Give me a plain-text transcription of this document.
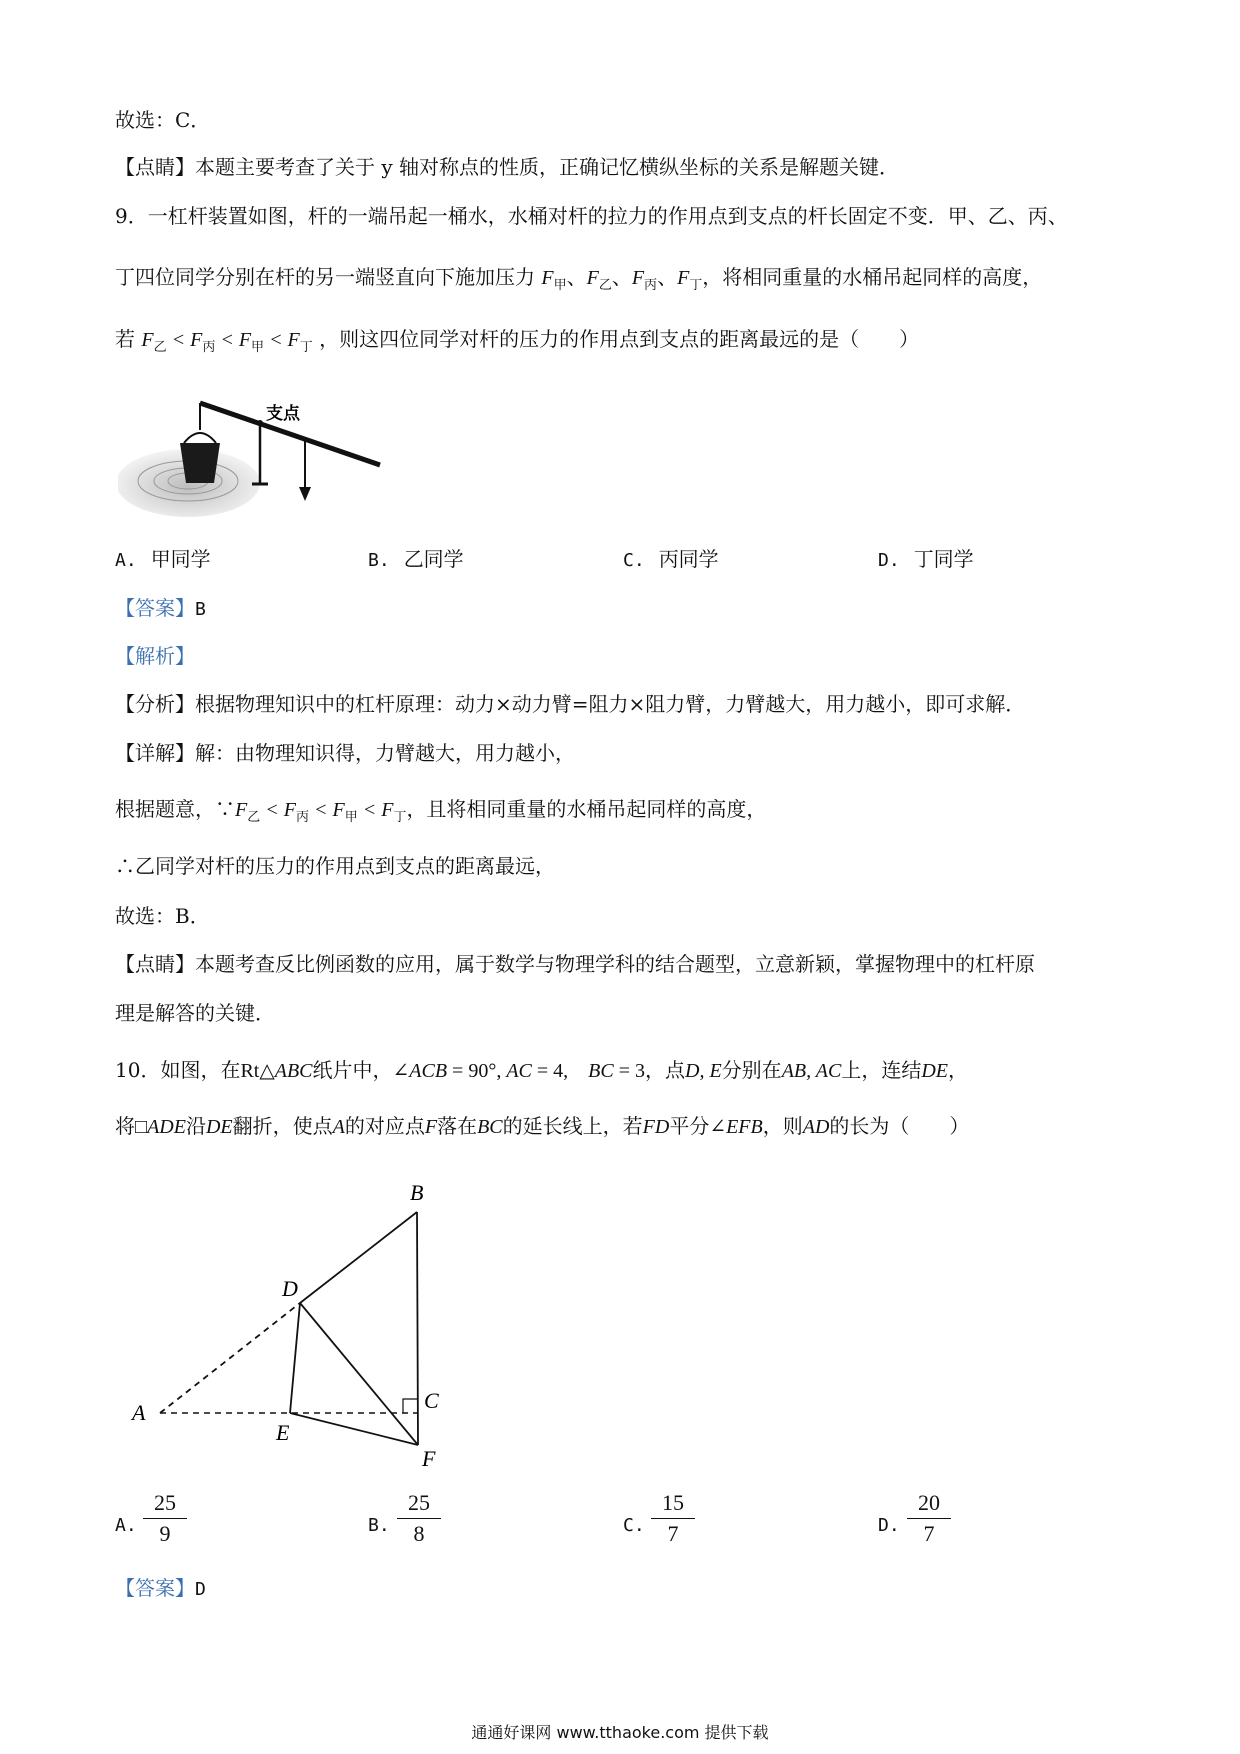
故选：C．
【点睛】本题主要考查了关于 y 轴对称点的性质，正确记忆横纵坐标的关系是解题关键．
9．一杠杆装置如图，杆的一端吊起一桶水，水桶对杆的拉力的作用点到支点的杆长固定不变．甲、乙、丙、
丁四位同学分别在杆的另一端竖直向下施加压力 $F_甲$、$F_乙$、$F_丙$、$F_丁$，将相同重量的水桶吊起同样的高度，
若 $F_乙 < F_丙 < F_甲 < F_丁$ ，则这四位同学对杆的压力的作用点到支点的距离最远的是（　　）
支点
A. 甲同学	B. 乙同学	C. 丙同学	D. 丁同学
【答案】B
【解析】
【分析】根据物理知识中的杠杆原理：动力×动力臂=阻力×阻力臂，力臂越大，用力越小，即可求解．
【详解】解：由物理知识得，力臂越大，用力越小，
根据题意，$\because F_乙 < F_丙 < F_甲 < F_丁$，且将相同重量的水桶吊起同样的高度，
∴乙同学对杆的压力的作用点到支点的距离最远，
故选：B．
【点睛】本题考查反比例函数的应用，属于数学与物理学科的结合题型，立意新颖，掌握物理中的杠杆原
理是解答的关键．
10．如图，在Rt△ABC纸片中，∠ACB = 90°, AC = 4,　BC = 3，点D, E分别在AB, AC上，连结DE，
将□ADE沿DE翻折，使点A的对应点F落在BC的延长线上，若FD平分∠EFB，则AD的长为（　　）
A
B
C
D
E
F
A. $\frac{25}{9}$	B. $\frac{25}{8}$	C. $\frac{15}{7}$	D. $\frac{20}{7}$
【答案】D
通通好课网 www.tthaoke.com 提供下载
